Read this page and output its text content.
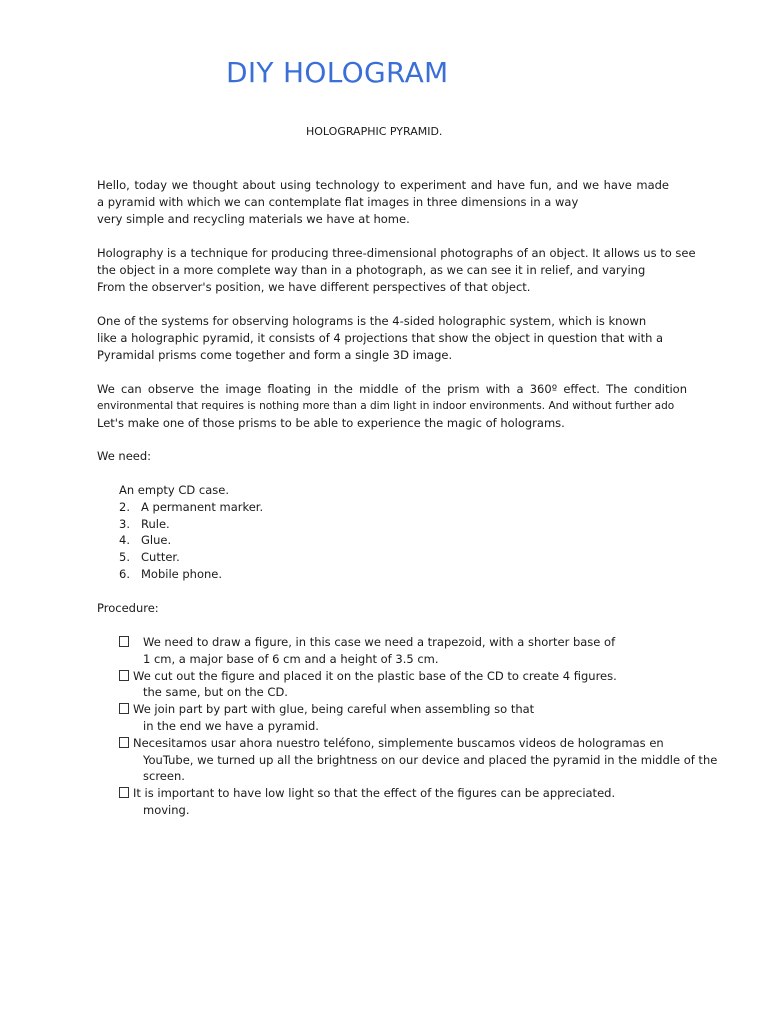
DIY HOLOGRAM
HOLOGRAPHIC PYRAMID.
Hello, today we thought about using technology to experiment and have fun, and we have made
a pyramid with which we can contemplate flat images in three dimensions in a way
very simple and recycling materials we have at home.
Holography is a technique for producing three-dimensional photographs of an object. It allows us to see
the object in a more complete way than in a photograph, as we can see it in relief, and varying
From the observer's position, we have different perspectives of that object.
One of the systems for observing holograms is the 4-sided holographic system, which is known
like a holographic pyramid, it consists of 4 projections that show the object in question that with a
Pyramidal prisms come together and form a single 3D image.
We can observe the image floating in the middle of the prism with a 360º effect. The condition
environmental that requires is nothing more than a dim light in indoor environments. And without further ado
Let's make one of those prisms to be able to experience the magic of holograms.
We need:
An empty CD case.
2. A permanent marker.
3. Rule.
4. Glue.
5. Cutter.
6. Mobile phone.
Procedure:
We need to draw a figure, in this case we need a trapezoid, with a shorter base of
1 cm, a major base of 6 cm and a height of 3.5 cm.
We cut out the figure and placed it on the plastic base of the CD to create 4 figures.
the same, but on the CD.
We join part by part with glue, being careful when assembling so that
in the end we have a pyramid.
Necesitamos usar ahora nuestro teléfono, simplemente buscamos videos de hologramas en
YouTube, we turned up all the brightness on our device and placed the pyramid in the middle of the
screen.
It is important to have low light so that the effect of the figures can be appreciated.
moving.
